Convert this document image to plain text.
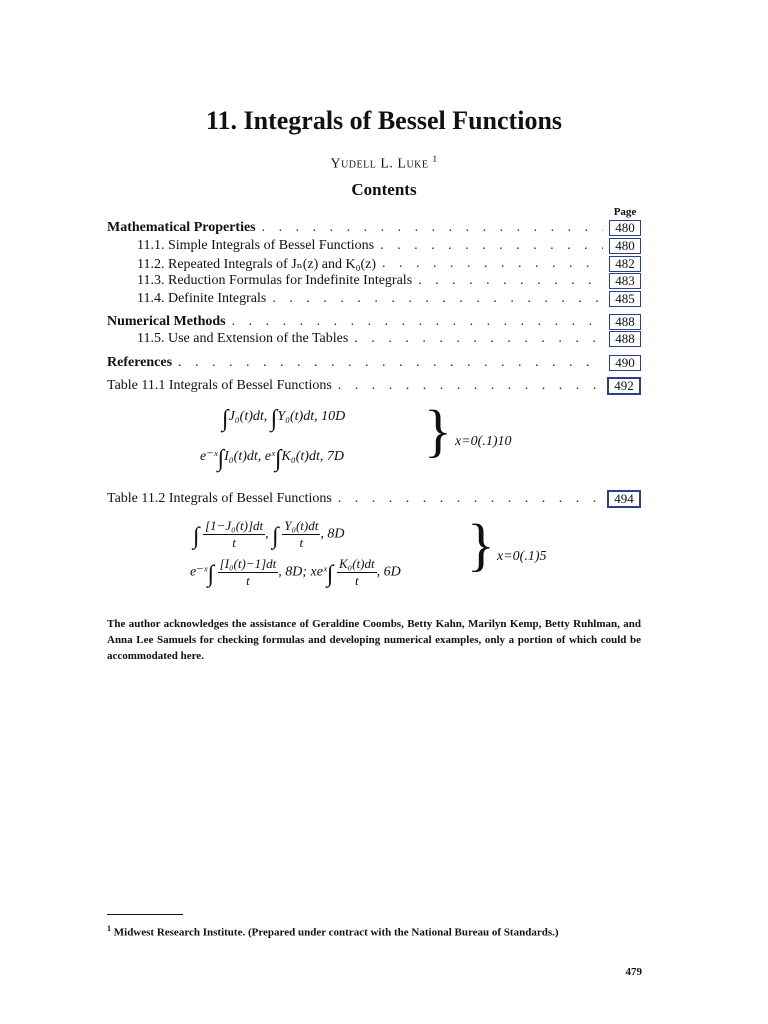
11. Integrals of Bessel Functions
Yudell L. Luke $^1$
Contents
Page
Mathematical Properties . . .	480
11.1. Simple Integrals of Bessel Functions . . .	480
11.2. Repeated Integrals of Jₙ(z) and K₀(z) . . .	482
11.3. Reduction Formulas for Indefinite Integrals . . .	483
11.4. Definite Integrals . . .	485
Numerical Methods . . .	488
11.5. Use and Extension of the Tables . . .	488
References . . .	490
Table 11.1 Integrals of Bessel Functions . . .	492
∫J₀(t)dt, ∫Y₀(t)dt, 10D
e⁻ˣ∫I₀(t)dt, eˣ∫K₀(t)dt, 7D } x=0(.1)10
Table 11.2 Integrals of Bessel Functions . . .	494
∫ $\frac{\text{[1−J₀(t)]dt}}{t}$ , ∫ $\frac{\text{Y₀(t)dt}}{t}$ , 8D
e⁻ˣ∫ $\frac{\text{[I₀(t)−1]dt}}{t}$ , 8D; xeˣ∫ $\frac{\text{K₀(t)dt}}{t}$ , 6D } x=0(.1)5
The author acknowledges the assistance of Geraldine Coombs, Betty Kahn, Marilyn Kemp, Betty Ruhlman, and Anna Lee Samuels for checking formulas and developing numerical examples, only a portion of which could be accommodated here.
$^1$ Midwest Research Institute. (Prepared under contract with the National Bureau of Standards.)
479
